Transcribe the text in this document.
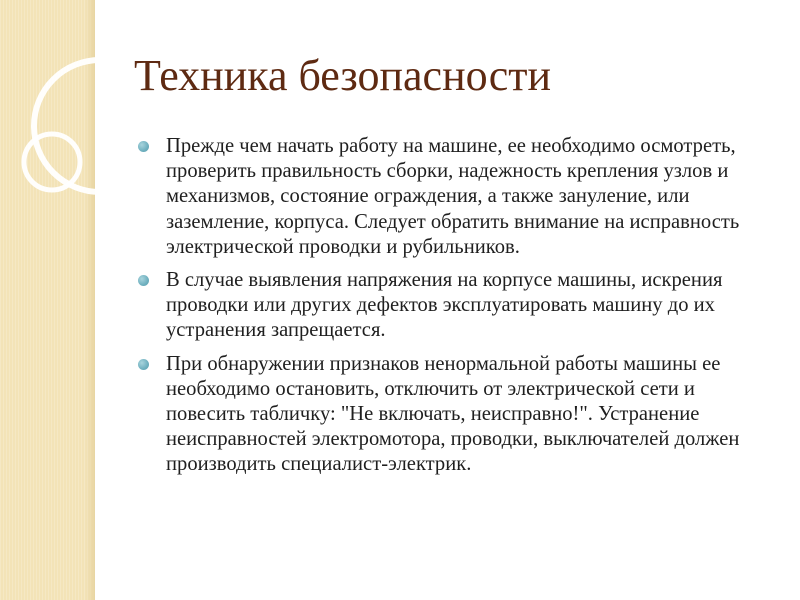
Техника безопасности
Прежде чем начать работу на машине, ее необходимо осмотреть, проверить правильность сборки, надежность крепления узлов и механизмов, состояние ограждения, а также зануление, или заземление, корпуса. Следует обратить внимание на исправность электрической проводки и рубильников.
В случае выявления напряжения на корпусе машины, искрения проводки или других дефектов эксплуатировать машину до их устранения запрещается.
При обнаружении признаков ненормальной работы машины ее необходимо остановить, отключить от электрической сети и повесить табличку: "Не включать, неисправно!". Устранение неисправностей электромотора, проводки, выключателей должен производить специалист-электрик.
